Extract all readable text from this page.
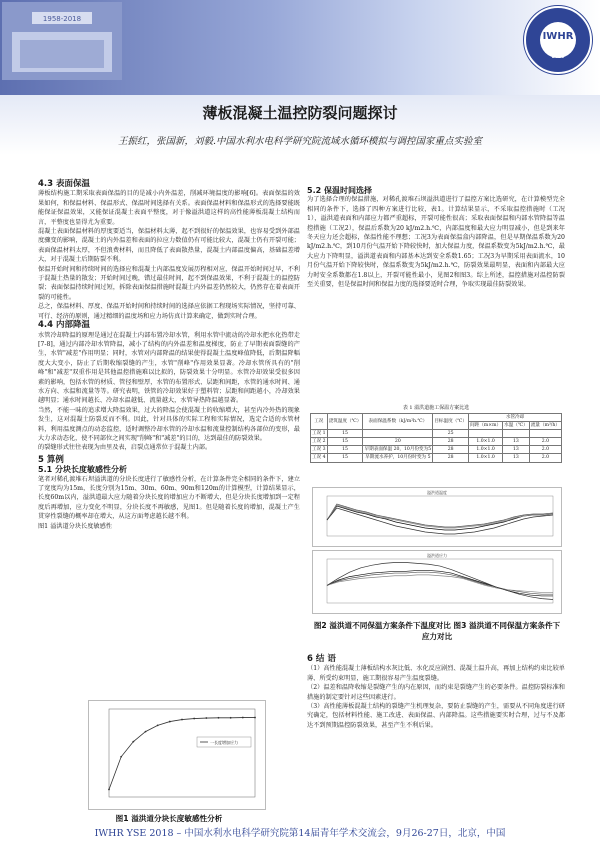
1958-2018
IWHR
2018
薄板混凝土温控防裂问题探讨
王振红，张国新，刘毅.中国水利水电科学研究院流域水循环模拟与调控国家重点实验室

4.3 表面保温

薄板结构施工期采取表面保温的目的是减小内外温差，削减环境温度的影响[6]。表面保温的效果如何，和保温材料、保温形式、保温时间选择有关系。表面保温材料和保温形式的选择要能既能保证保温效果，又能保证混凝土表面平整度，对于像溢洪道这样的高性能薄板混凝土结构而言，平整度也显得尤为重要。

混凝土表面保温材料的厚度要适当，保温材料太薄，起不到很好的保温效果，也容易受到外部温度骤变的影响，混凝土的内外温差和表面的拉应力数值仍有可能比较大，混凝土仍有开裂可能；表面保温材料太厚，不但浪费材料，而且降低了表面散热量，混凝土内部温度偏高，基础温差增大，对于混凝土后期防裂不利。

保温开始时间和持续时间的选择应和混凝土内部温度发展历程相对应，保温开始时间过早，不利于混凝土热量的散发；开始时间过晚，错过最佳时间，起不到保温效果，不利于混凝土的温控防裂；表面保温持续时间过短，拆除表面保温措施时混凝土内外温差仍然较大，仍然存在着表面开裂的可能性。

总之，保温材料、厚度、保温开始时间和持续时间的选择应依据工程现场实际情况，坚持可靠、可行、经济的原则，通过精细的温度场和应力场仿真计算来确定，做到实时合理。

4.4 内部降温

水管冷却降温的原理是通过在混凝土内部布置冷却水管，利用水管中流动的冷却水把水化热带走[7-8]，通过内部冷却水管降温，减小了结构的内外温差和温度梯度，防止了早期表面裂缝的产生，水管"减差"作用明显；同时，水管对内部降温的结果使得混凝土温度峰值降低，后期温降幅度大大变小，防止了后期收缩裂缝的产生，水管"削峰"作用效果显著。冷却水管所具有的"削峰"和"减差"双重作用是其他温控措施难以比拟的，防裂效果十分明显。水管冷却效果受很多因素的影响，包括水管的材质、管径和壁厚，水管的布置形式、层距和间距，水管的通水时间、通水方向、水温和流量等等。研究表明，铁管的冷却效果好于塑料管；层距和间距越小，冷却效果越明显；通水时间越长、冷却水温越低、流量越大，水管导热降温越显著。

当然，不能一味的追求增大降温效果，过大的降温会使混凝土的收缩增大，甚至内冷外热的现象发生，这对混凝土防裂反而不利。因此，针对具体的实际工程和实际情况，选定合适的水管材料，利用温度测点的动态监控，适时调整冷却水管的冷却水温和流量控制结构各部位的变形，最大力求动态化，使不同部位之间实现"削峰"和"减差"的目的，达到最佳的防裂效果。

的裂缝形式往往表现为由里及表，启裂点通常位于混凝土内部。

5 算例

5.1 分块长度敏感性分析

笔者对稀孔渡堆石坝溢洪道的分块长度进行了敏感性分析，在计算条件完全相同的条件下，建立了宽度均为15m，长度分别为15m、30m、60m、90m和120m的计算模型，计算结果显示，长度60m以内，溢洪道最大应力随着分块长度的增加应力不断增大，但是分块长度增加到一定程度后再增加，应力变化不明显，分块长度不再敏感，见图1。但是随着长度的增加，混凝土产生贯穿性裂缝的概率却在增大，从这方面考虑越长越不利。

图1 溢洪道分块长度敏感性

一长度增加应力
图1 溢洪道分块长度敏感性分析

5.2 保温时间选择

为了选择合理的保温措施，对稀孔渡堆石坝溢洪道进行了温控方案比选研究，在计算模型完全相同的条件下，选择了四种方案进行比较，表1。计算结果显示，不采取温控措施时（工况1），溢洪道表面和内部应力都严重超标，开裂可能性很高；采取表面保温和内部水管降温等温控措施（工况2），保温后系数为20 kJ/m2.h.℃，内部温度和最大应力明显减小，但是到来年冬天应力还会超标，保温性能不理想；工况3为表面保温盒内部降温，但是早期保温系数为20 kJ/m2.h.℃，到10月份气温开始下降较快时，加大保温力度，保温系数变为5kJ/m2.h.℃，最大应力下降明显，溢洪道表面和内部基本达到安全系数1.65；工况3为早期采用表面流水，10月份气温开始下降较快时，保温系数变为5kJ/m2.h.℃，防裂效果最明显，表面和内部最大应力时安全系数都在1.8以上，开裂可能性最小，见图2和图3。综上所述，温控措施对温控防裂至关重要，但是保温时间和保温力度的选择要适时合理，争取实现最佳防裂效果。

表 1 溢洪道施工保温方案比选
工况	浇筑温度（℃）	表面保温系数（kJ/m²h.℃）	目标温度（℃）	水管冷却		
				间距（m×m）	水温（℃）	流量（m³/h）
工况 1	15		25			
工况 2	15	20	28	1.0×1.0	13	2.0
工况 3	15	早期表面保温 20，10月份变为5	28	1.0×1.0	13	2.0
工况 4	15	早期流水养护，10月份时变为 5	28	1.0×1.0	13	2.0
溢洪道温度
溢洪道应力
图2 溢洪道不同保温方案条件下温度对比 图3 溢洪道不同保温方案条件下应力对比

6 结 语

（1）高性能混凝土薄板结构水灰比低、水化反应剧烈、混凝土温升高，再加上结构约束比较单薄、所受约束明显，施工期很容易产生温度裂缝。

（2）温差和温降收缩是裂缝产生的内在原因，而约束是裂缝产生的必要条件。温控防裂标准和措施的制定要针对这些因素进行。

（3）高性能薄板混凝土结构的裂缝产生机理复杂，要防止裂缝的产生，需要从不同角度进行研究确定，包括材料性能、施工改进、表面保温、内部降温。这些措施要实时合理，过与不及都达不到预期温控防裂效果，甚至产生不利后果。

IWHR YSE 2018 – 中国水利水电科学研究院第14届青年学术交流会，9月26-27日，北京，中国
